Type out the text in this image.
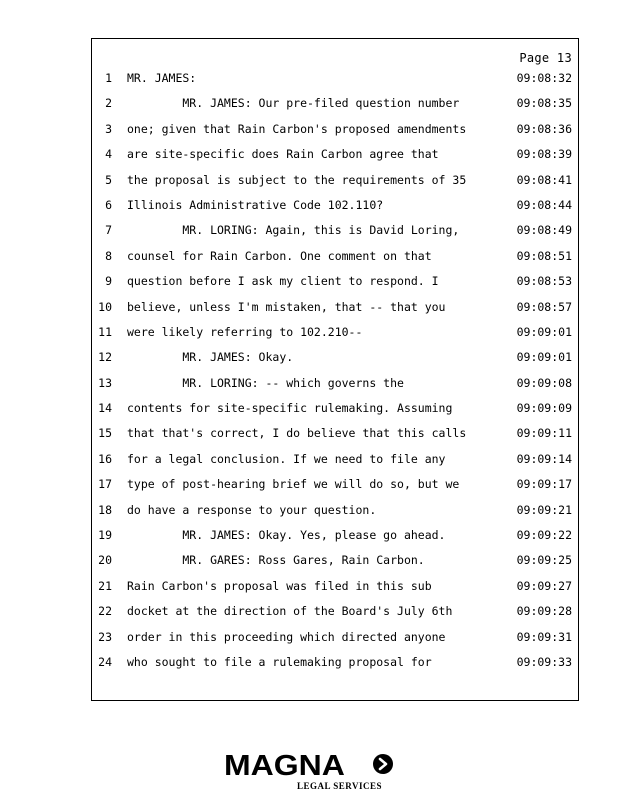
Page 13
1 MR. JAMES:	09:08:32
2 MR. JAMES: Our pre-filed question number	09:08:35
3 one; given that Rain Carbon's proposed amendments	09:08:36
4 are site-specific does Rain Carbon agree that	09:08:39
5 the proposal is subject to the requirements of 35	09:08:41
6 Illinois Administrative Code 102.110?	09:08:44
7 MR. LORING: Again, this is David Loring,	09:08:49
8 counsel for Rain Carbon. One comment on that	09:08:51
9 question before I ask my client to respond. I	09:08:53
10 believe, unless I'm mistaken, that -- that you	09:08:57
11 were likely referring to 102.210--	09:09:01
12 MR. JAMES: Okay.	09:09:01
13 MR. LORING: -- which governs the	09:09:08
14 contents for site-specific rulemaking. Assuming	09:09:09
15 that that's correct, I do believe that this calls	09:09:11
16 for a legal conclusion. If we need to file any	09:09:14
17 type of post-hearing brief we will do so, but we	09:09:17
18 do have a response to your question.	09:09:21
19 MR. JAMES: Okay. Yes, please go ahead.	09:09:22
20 MR. GARES: Ross Gares, Rain Carbon.	09:09:25
21 Rain Carbon's proposal was filed in this sub	09:09:27
22 docket at the direction of the Board's July 6th	09:09:28
23 order in this proceeding which directed anyone	09:09:31
24 who sought to file a rulemaking proposal for	09:09:33
MAGNA
LEGAL SERVICES
